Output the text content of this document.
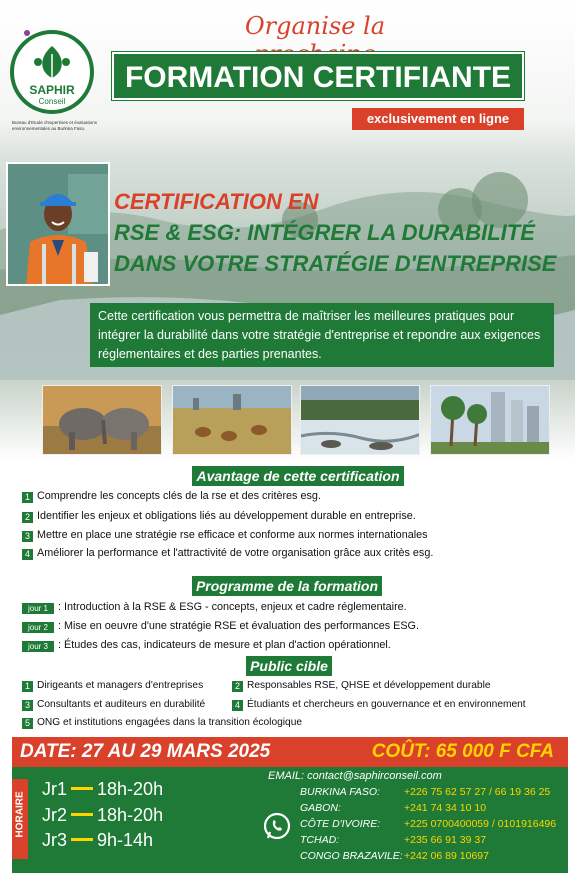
SAPHIR
Conseil
Bureau d'Etude d'expertises et évaluations environnementales au Burkina Faso.
Organise la
FORMATION CERTIFIANTE
exclusivement en ligne
CERTIFICATION EN
RSE & ESG: INTÉGRER LA DURABILITÉ
DANS VOTRE STRATÉGIE D'ENTREPRISE
Cette certification vous permettra de maîtriser les meilleures pratiques pour intégrer la durabilité dans votre stratégie d'entreprise et repondre aux exigences réglementaires et des parties prenantes.
Avantage de cette certification
1 Comprendre les concepts clés de la rse et des critères esg.
2 Identifier les enjeux et obligations liés au développement durable en entreprise.
3 Mettre en place une stratégie rse efficace et conforme aux normes internationales
4 Améliorer la performance et l'attractivité de votre organisation grâce aux critès esg.
Programme de la formation
jour 1 : Introduction à la RSE & ESG - concepts, enjeux et cadre réglementaire.
jour 2 : Mise en oeuvre d'une stratégie RSE et évaluation des performances ESG.
jour 3 : Études des cas, indicateurs de mesure et plan d'action opérationnel.
Public cible
1 Dirigeants et managers d'entreprises	2 Responsables RSE, QHSE et développement durable
3 Consultants et auditeurs en durabilité	4 Étudiants et chercheurs en gouvernance et en environnement
5 ONG et institutions engagées dans la transition écologique
DATE: 27 AU 29 MARS 2025	COÛT: 65 000 F CFA
HORAIRE
Jr1 18h-20h
Jr2 18h-20h
Jr3 9h-14h
EMAIL: contact@saphirconseil.com
BURKINA FASO: +226 75 62 57 27 / 66 19 36 25
GABON:	+241 74 34 10 10
CÔTE D'IVOIRE: +225 0700400059 / 0101916496
TCHAD:	+235 66 91 39 37
CONGO BRAZAVILE: +242 06 89 10697
